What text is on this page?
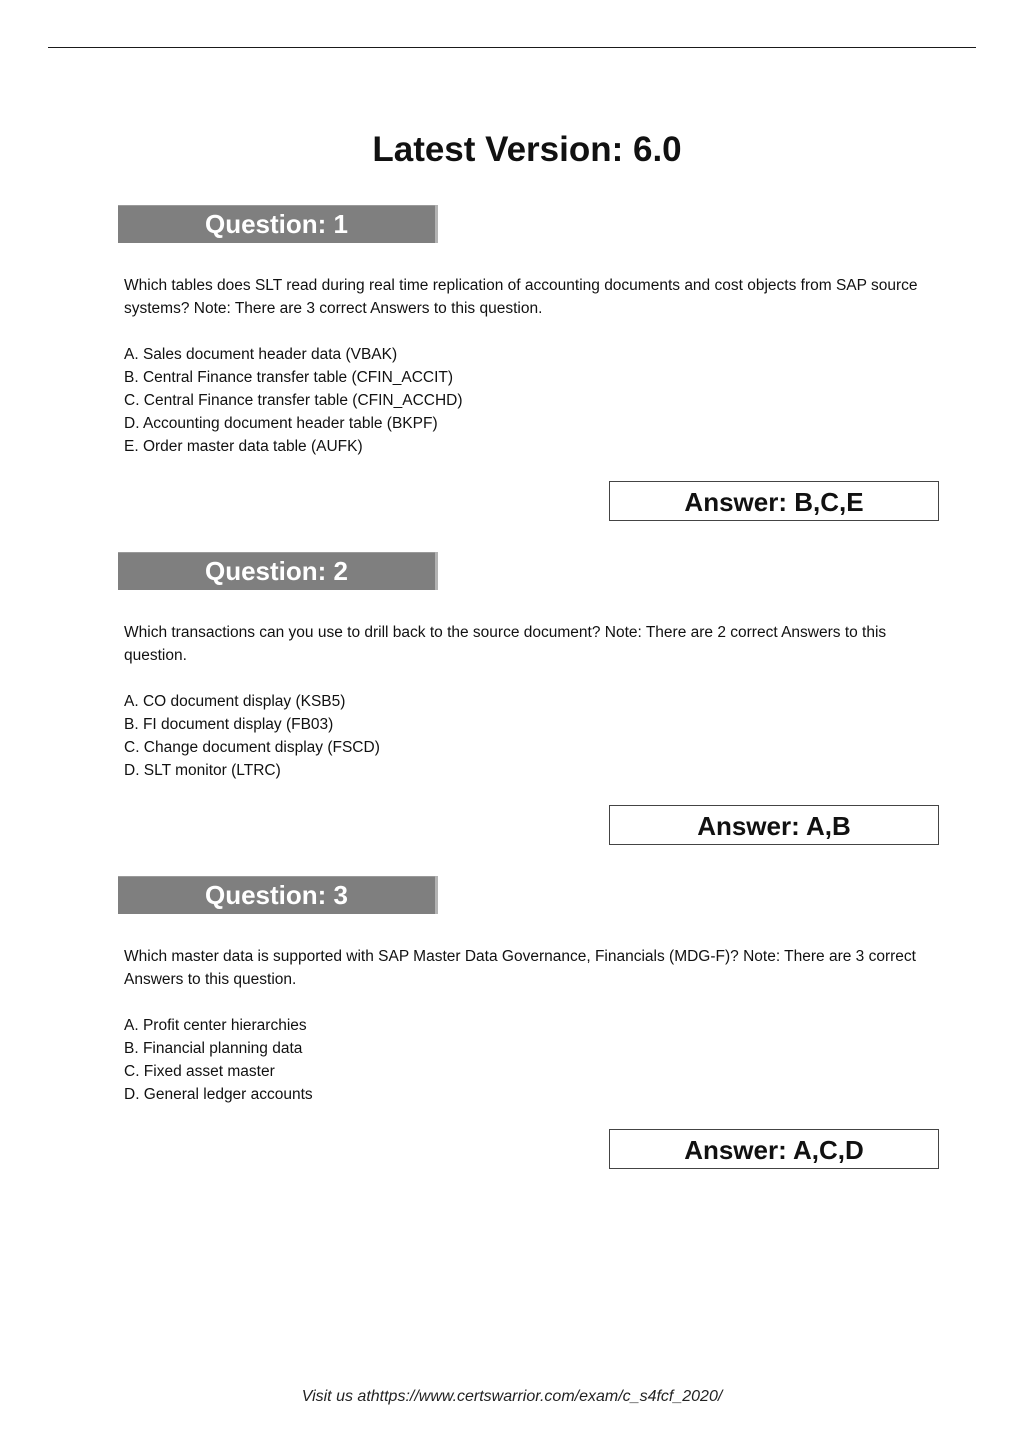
Latest Version: 6.0
Question: 1
Which tables does SLT read during real time replication of accounting documents and cost objects from SAP source systems? Note: There are 3 correct Answers to this question.
A. Sales document header data (VBAK)
B. Central Finance transfer table (CFIN_ACCIT)
C. Central Finance transfer table (CFIN_ACCHD)
D. Accounting document header table (BKPF)
E. Order master data table (AUFK)
Answer: B,C,E
Question: 2
Which transactions can you use to drill back to the source document? Note: There are 2 correct Answers to this question.
A. CO document display (KSB5)
B. FI document display (FB03)
C. Change document display (FSCD)
D. SLT monitor (LTRC)
Answer: A,B
Question: 3
Which master data is supported with SAP Master Data Governance, Financials (MDG-F)? Note: There are 3 correct Answers to this question.
A. Profit center hierarchies
B. Financial planning data
C. Fixed asset master
D. General ledger accounts
Answer: A,C,D
Visit us athttps://www.certswarrior.com/exam/c_s4fcf_2020/
